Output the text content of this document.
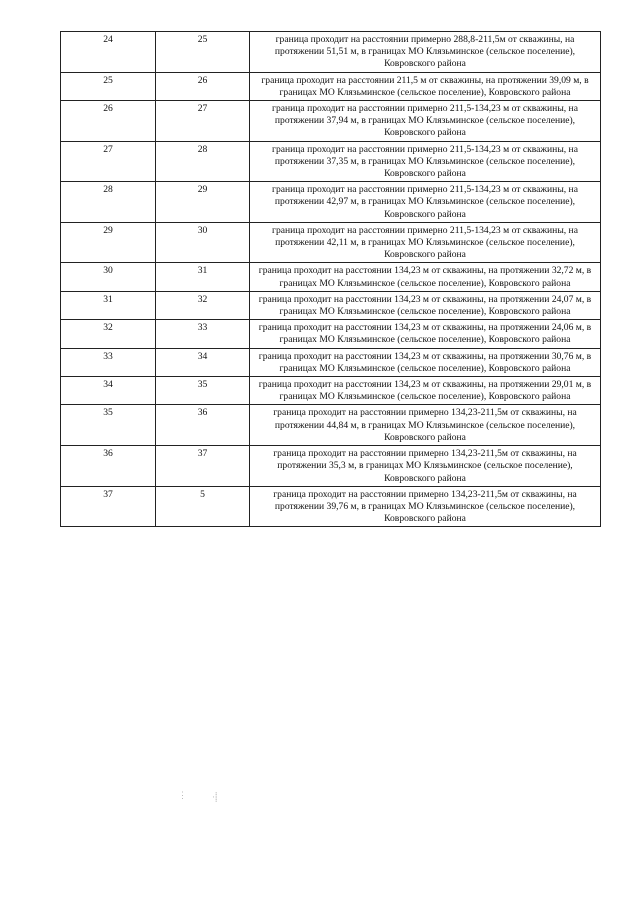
24	25	граница проходит на расстоянии примерно 288,8-211,5м от скважины, на протяжении 51,51 м, в границах МО Клязьминское (сельское поселение), Ковровского района
25	26	граница проходит на расстоянии 211,5 м от скважины, на протяжении 39,09 м, в границах МО Клязьминское (сельское поселение), Ковровского района
26	27	граница проходит на расстоянии примерно 211,5-134,23 м от скважины, на протяжении 37,94 м, в границах МО Клязьминское (сельское поселение), Ковровского района
27	28	граница проходит на расстоянии примерно 211,5-134,23 м от скважины, на протяжении 37,35 м, в границах МО Клязьминское (сельское поселение), Ковровского района
28	29	граница проходит на расстоянии примерно 211,5-134,23 м от скважины, на протяжении 42,97 м, в границах МО Клязьминское (сельское поселение), Ковровского района
29	30	граница проходит на расстоянии примерно 211,5-134,23 м от скважины, на протяжении 42,11 м, в границах МО Клязьминское (сельское поселение), Ковровского района
30	31	граница проходит на расстоянии 134,23 м от скважины, на протяжении 32,72 м, в границах МО Клязьминское (сельское поселение), Ковровского района
31	32	граница проходит на расстоянии 134,23 м от скважины, на протяжении 24,07 м, в границах МО Клязьминское (сельское поселение), Ковровского района
32	33	граница проходит на расстоянии 134,23 м от скважины, на протяжении 24,06 м, в границах МО Клязьминское (сельское поселение), Ковровского района
33	34	граница проходит на расстоянии 134,23 м от скважины, на протяжении 30,76 м, в границах МО Клязьминское (сельское поселение), Ковровского района
34	35	граница проходит на расстоянии 134,23 м от скважины, на протяжении 29,01 м, в границах МО Клязьминское (сельское поселение), Ковровского района
35	36	граница проходит на расстоянии примерно 134,23-211,5м от скважины, на протяжении 44,84 м, в границах МО Клязьминское (сельское поселение), Ковровского района
36	37	граница проходит на расстоянии примерно 134,23-211,5м от скважины, на протяжении 35,3 м, в границах МО Клязьминское (сельское поселение), Ковровского района
37	5	граница проходит на расстоянии примерно 134,23-211,5м от скважины, на протяжении 39,76 м, в границах МО Клязьминское (сельское поселение), Ковровского района
⋮	·⸽
